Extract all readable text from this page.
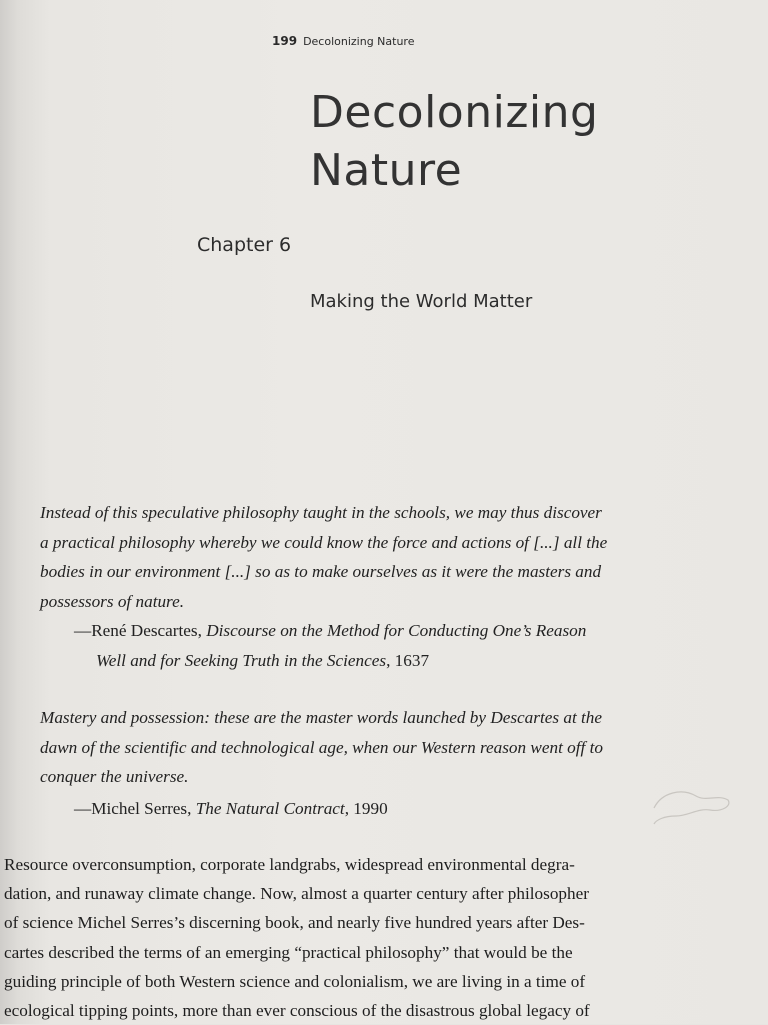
199 Decolonizing Nature
Decolonizing
Nature
Chapter 6
Making the World Matter
Instead of this speculative philosophy taught in the schools, we may thus discover
a practical philosophy whereby we could know the force and actions of [...] all the
bodies in our environment [...] so as to make ourselves as it were the masters and
possessors of nature.
—René Descartes, Discourse on the Method for Conducting One’s Reason
Well and for Seeking Truth in the Sciences, 1637
Mastery and possession: these are the master words launched by Descartes at the
dawn of the scientific and technological age, when our Western reason went off to
conquer the universe.
—Michel Serres, The Natural Contract, 1990
Resource overconsumption, corporate landgrabs, widespread environmental degra-
dation, and runaway climate change. Now, almost a quarter century after philosopher
of science Michel Serres’s discerning book, and nearly five hundred years after Des-
cartes described the terms of an emerging “practical philosophy” that would be the
guiding principle of both Western science and colonialism, we are living in a time of
ecological tipping points, more than ever conscious of the disastrous global legacy of
